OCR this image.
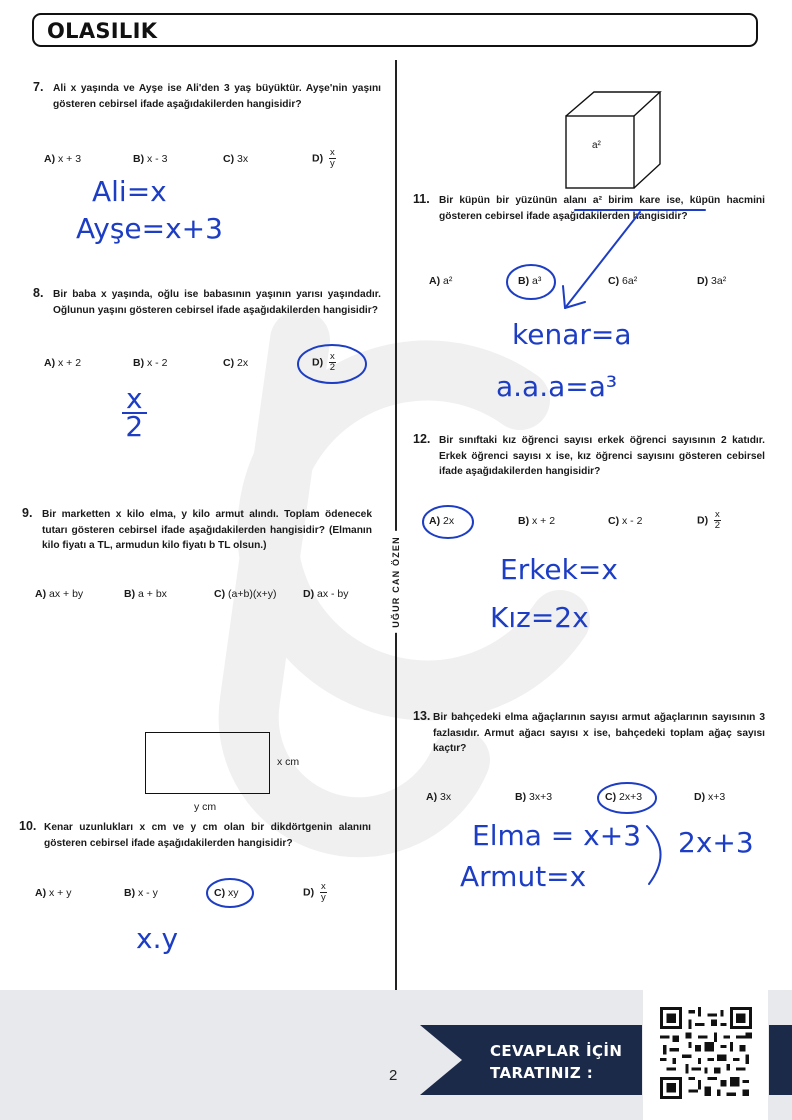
OLASILIK
UĞUR CAN ÖZEN
7. Ali x yaşında ve Ayşe ise Ali'den 3 yaş büyüktür. Ayşe'nin yaşını gösteren cebirsel ifade aşağıdakilerden hangisidir?
A) x + 3	B) x - 3	C) 3x	$D) \frac{x}{y}$
Ali=x
Ayşe=x+3
8. Bir baba x yaşında, oğlu ise babasının yaşının yarısı yaşındadır. Oğlunun yaşını gösteren cebirsel ifade aşağıdakilerden hangisidir?
A) x + 2	B) x - 2	C) 2x	$D) \frac{x}{2}$
x
2
9. Bir marketten x kilo elma, y kilo armut alındı. Toplam ödenecek tutarı gösteren cebirsel ifade aşağıdakilerden hangisidir? (Elmanın kilo fiyatı a TL, armudun kilo fiyatı b TL olsun.)
A) ax + by	B) a + bx	C) (a+b)(x+y)	D) ax - by
x cm
y cm
10. Kenar uzunlukları x cm ve y cm olan bir dikdörtgenin alanını gösteren cebirsel ifade aşağıdakilerden hangisidir?
A) x + y	B) x - y	C) xy	$D) \frac{x}{y}$
x.y
a²
11. Bir küpün bir yüzünün alanı a² birim kare ise, küpün hacmini gösteren cebirsel ifade aşağıdakilerden hangisidir?
A) a²	B) a³	C) 6a²	D) 3a²
kenar=a
a.a.a=a³
12. Bir sınıftaki kız öğrenci sayısı erkek öğrenci sayısının 2 katıdır. Erkek öğrenci sayısı x ise, kız öğrenci sayısını gösteren cebirsel ifade aşağıdakilerden hangisidir?
A) 2x	B) x + 2	C) x - 2	$D) \frac{x}{2}$
Erkek=x
Kız=2x
13. Bir bahçedeki elma ağaçlarının sayısı armut ağaçlarının sayısının 3 fazlasıdır. Armut ağacı sayısı x ise, bahçedeki toplam ağaç sayısı kaçtır?
A) 3x	B) 3x+3	C) 2x+3	D) x+3
Elma = x+3
Armut=x
2x+3
CEVAPLAR İÇİN
TARATINIZ :
2
